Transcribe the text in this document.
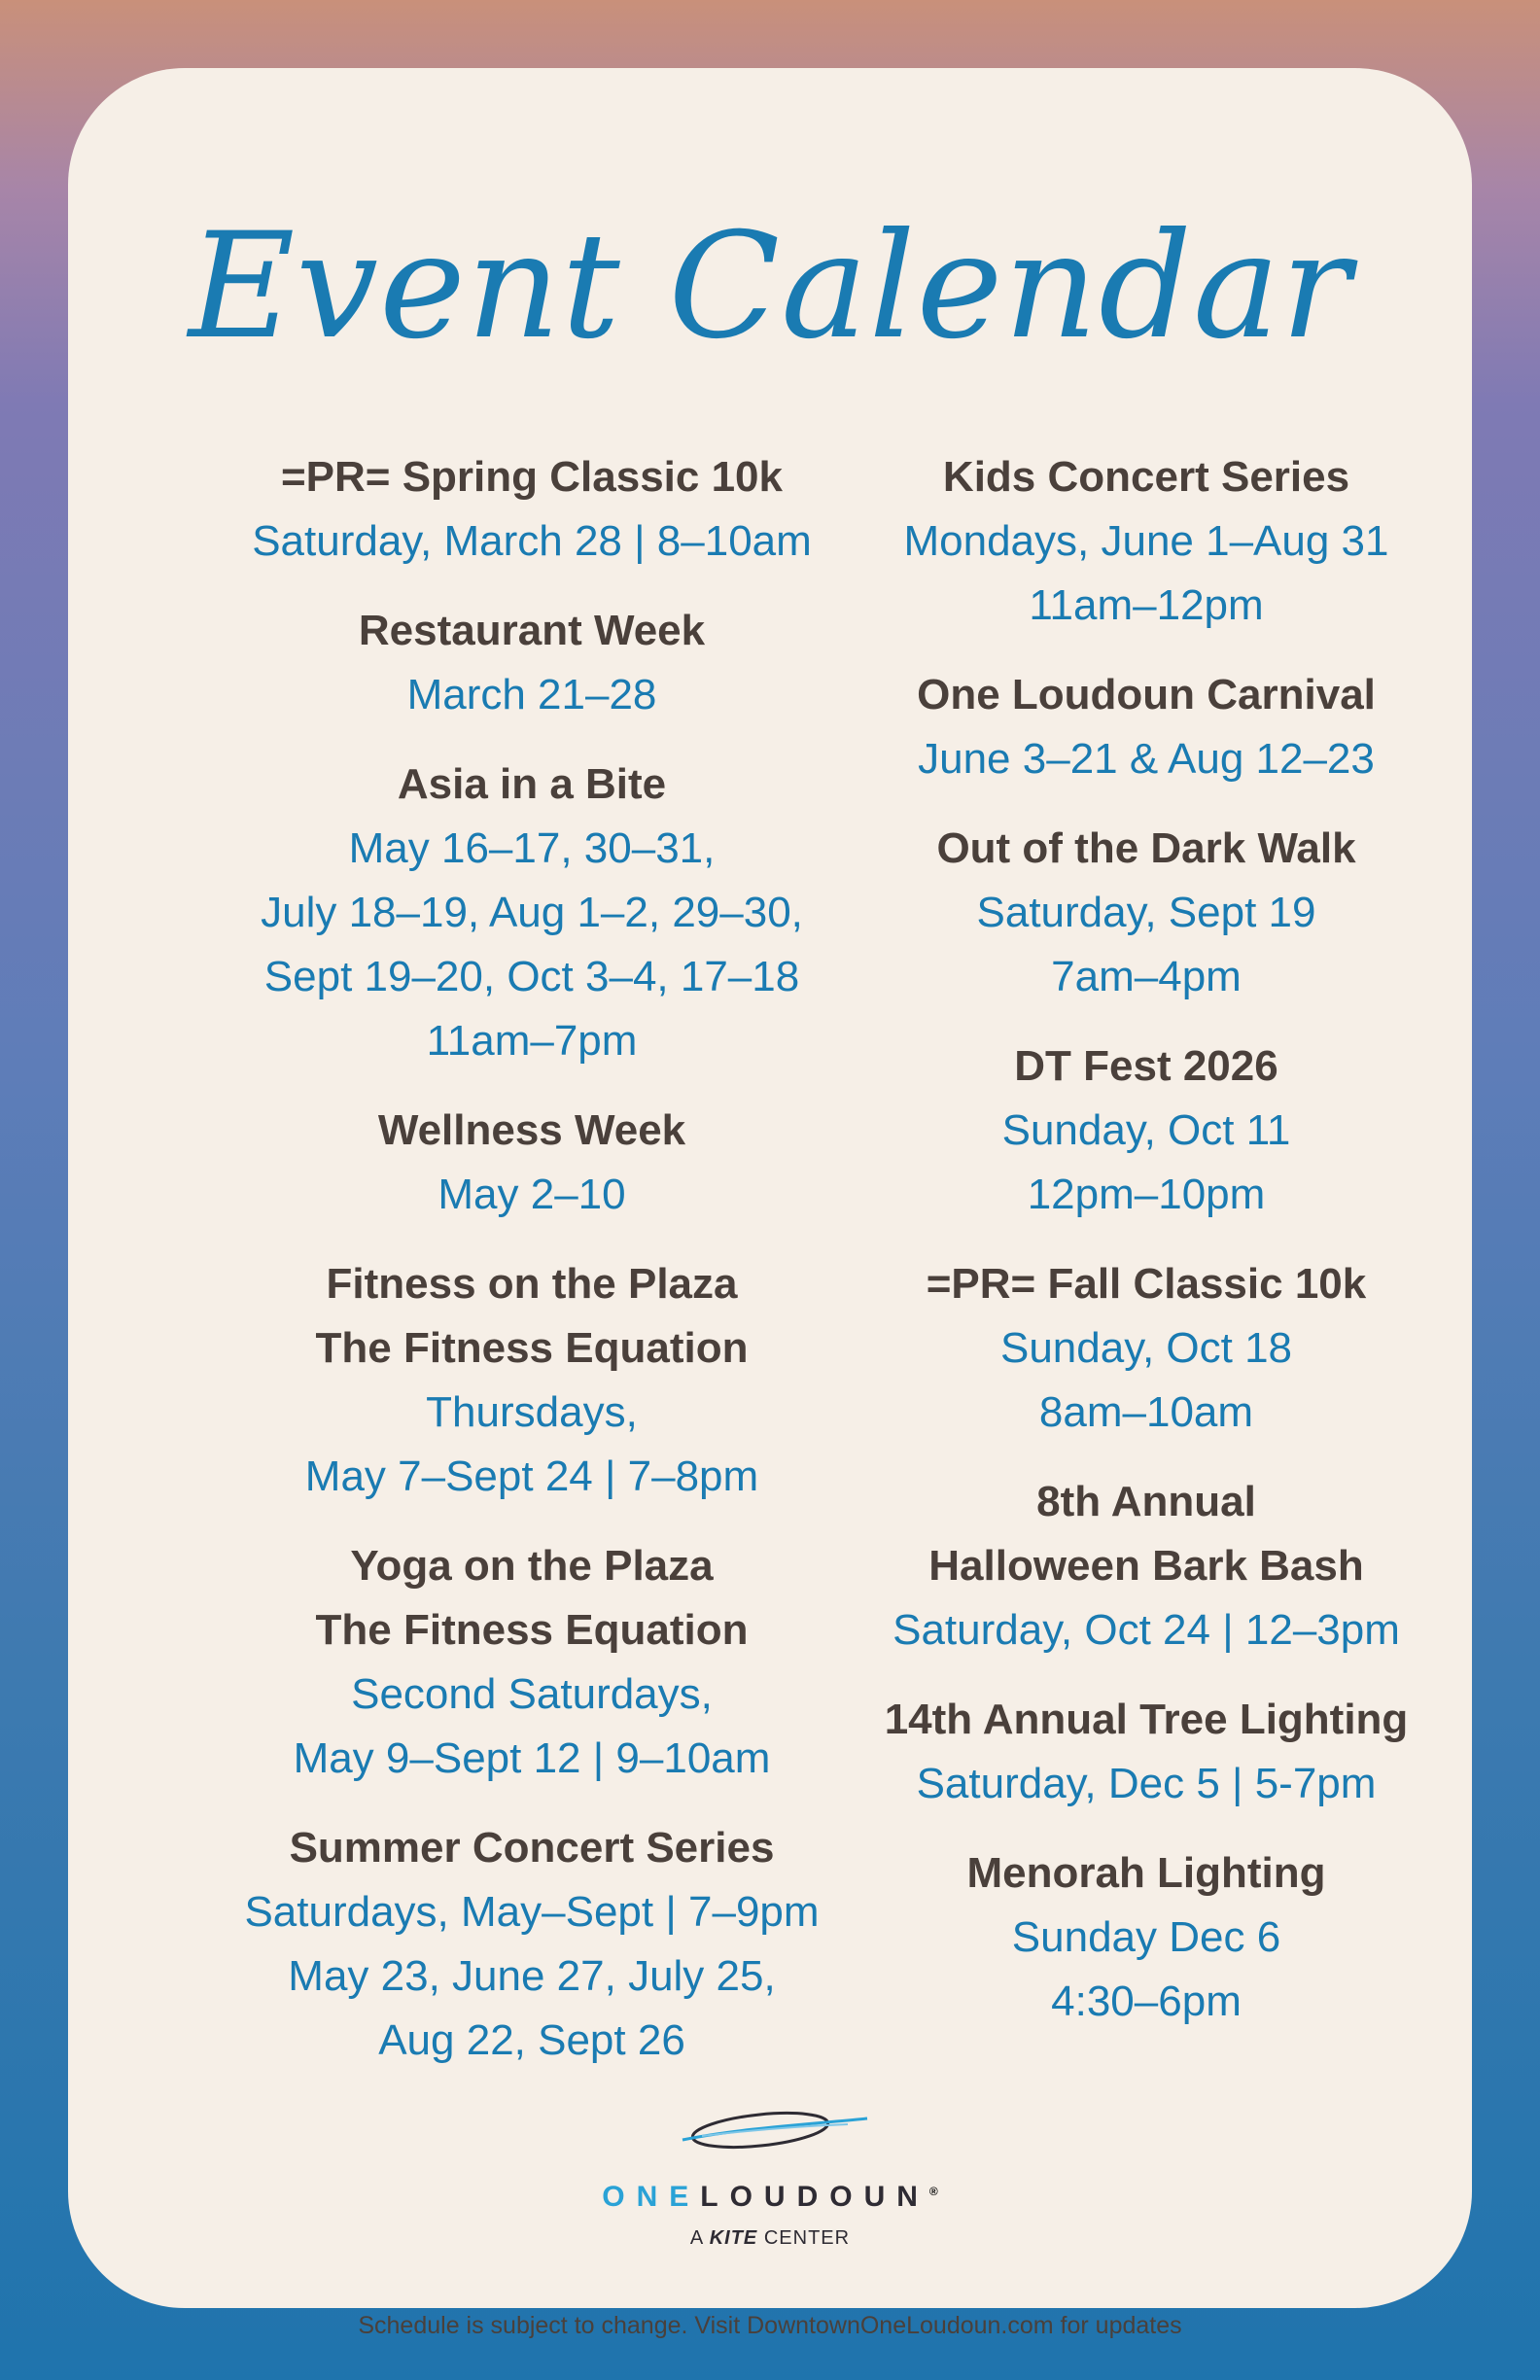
Event Calendar
=PR= Spring Classic 10k
Saturday, March 28 | 8–10am
Restaurant Week
March 21–28
Asia in a Bite
May 16–17, 30–31,
July 18–19, Aug 1–2, 29–30,
Sept 19–20, Oct 3–4, 17–18
11am–7pm
Wellness Week
May 2–10
Fitness on the Plaza
The Fitness Equation
Thursdays,
May 7–Sept 24 | 7–8pm
Yoga on the Plaza
The Fitness Equation
Second Saturdays,
May 9–Sept 12 | 9–10am
Summer Concert Series
Saturdays, May–Sept | 7–9pm
May 23, June 27, July 25,
Aug 22, Sept 26
Kids Concert Series
Mondays, June 1–Aug 31
11am–12pm
One Loudoun Carnival
June 3–21 & Aug 12–23
Out of the Dark Walk
Saturday, Sept 19
7am–4pm
DT Fest 2026
Sunday, Oct 11
12pm–10pm
=PR= Fall Classic 10k
Sunday, Oct 18
8am–10am
8th Annual
Halloween Bark Bash
Saturday, Oct 24 | 12–3pm
14th Annual Tree Lighting
Saturday, Dec 5 | 5-7pm
Menorah Lighting
Sunday Dec 6
4:30–6pm
ONELOUDOUN®
A KITE CENTER
Schedule is subject to change. Visit DowntownOneLoudoun.com for updates
